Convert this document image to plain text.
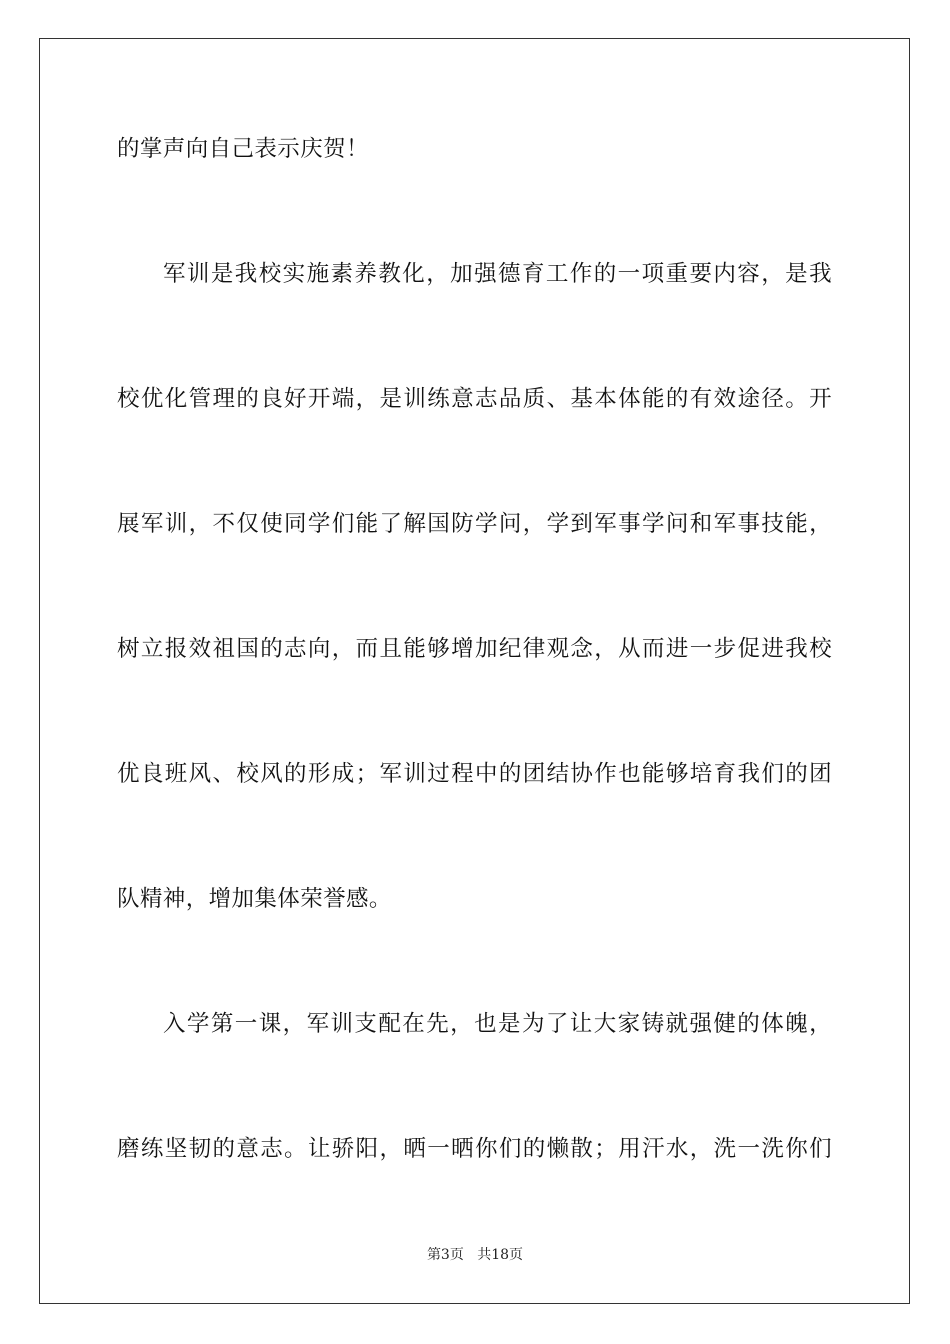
的掌声向自己表示庆贺！
军训是我校实施素养教化，加强德育工作的一项重要内容，是我
校优化管理的良好开端，是训练意志品质、基本体能的有效途径。开
展军训，不仅使同学们能了解国防学问，学到军事学问和军事技能，
树立报效祖国的志向，而且能够增加纪律观念，从而进一步促进我校
优良班风、校风的形成；军训过程中的团结协作也能够培育我们的团
队精神，增加集体荣誉感。
入学第一课，军训支配在先，也是为了让大家铸就强健的体魄，
磨练坚韧的意志。让骄阳，晒一晒你们的懒散；用汗水，洗一洗你们
第3页 共18页
